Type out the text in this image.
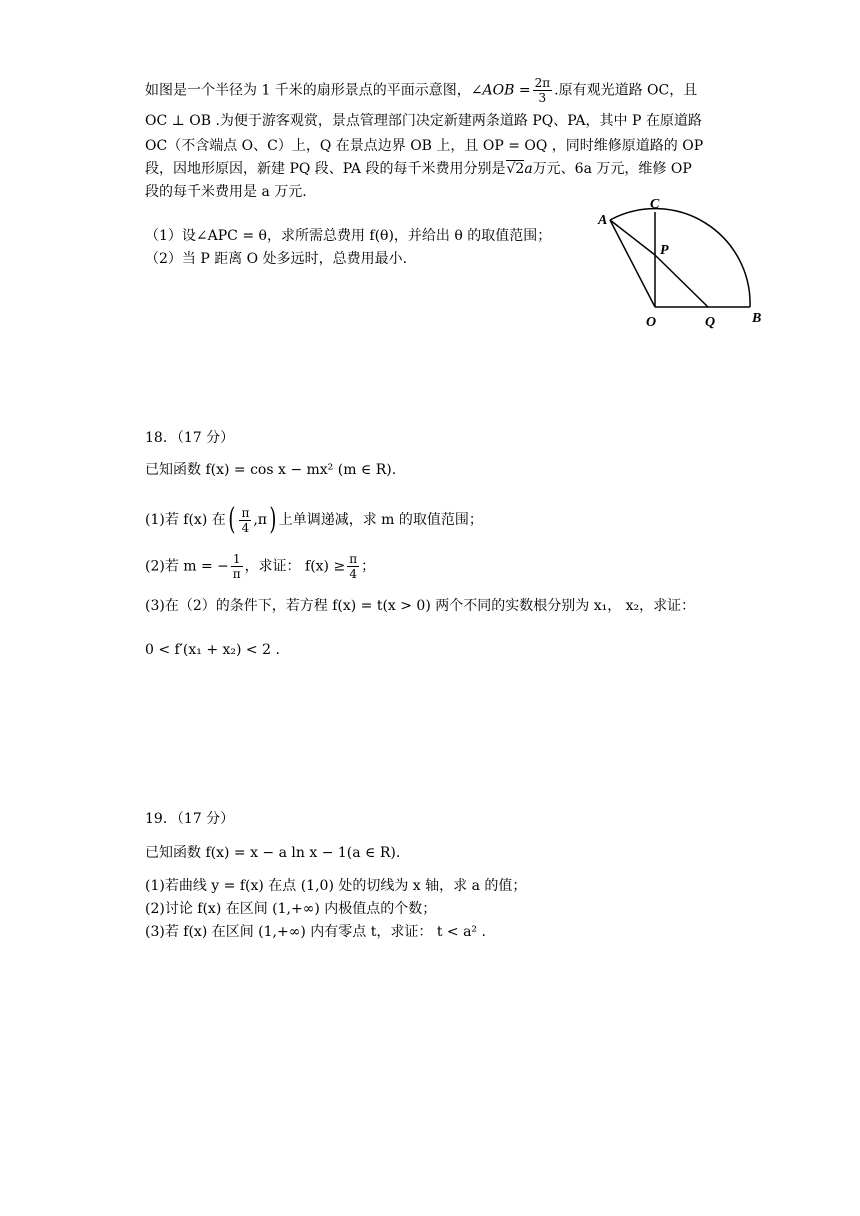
如图是一个半径为 1 千米的扇形景点的平面示意图，∠AOB = $\frac{2\pi}{3}$ .原有观光道路 OC，且
OC ⊥ OB .为便于游客观赏，景点管理部门决定新建两条道路 PQ、PA，其中 P 在原道路
OC（不含端点 O、C）上，Q 在景点边界 OB 上，且 OP = OQ ，同时维修原道路的 OP
段，因地形原因，新建 PQ 段、PA 段的每千米费用分别是√2a万元、6a 万元，维修 OP
段的每千米费用是 a 万元.
（1）设∠APC = θ，求所需总费用 f(θ)，并给出 θ 的取值范围；
（2）当 P 距离 O 处多远时，总费用最小.
A
C
P
O	Q	B
18．（17 分）
已知函数 f(x) = cos x − mx² (m ∈ R).
(1)若 f(x) 在( $\frac{\pi}{4} ,\pi$) 上单调递减，求 m 的取值范围；
(2)若 m = − $\frac{1}{\pi}$ ，求证： $f(x) \ge \frac{\pi}{4}$ ；
(3)在（2）的条件下，若方程 f(x) = t(x > 0) 两个不同的实数根分别为 x₁， x₂，求证：
0 < f′(x₁ + x₂) < 2 .
19．（17 分）
已知函数 f(x) = x − a ln x − 1(a ∈ R).
(1)若曲线 y = f(x) 在点 (1,0) 处的切线为 x 轴，求 a 的值；
(2)讨论 f(x) 在区间 (1,+∞) 内极值点的个数；
(3)若 f(x) 在区间 (1,+∞) 内有零点 t，求证： t < a² .
